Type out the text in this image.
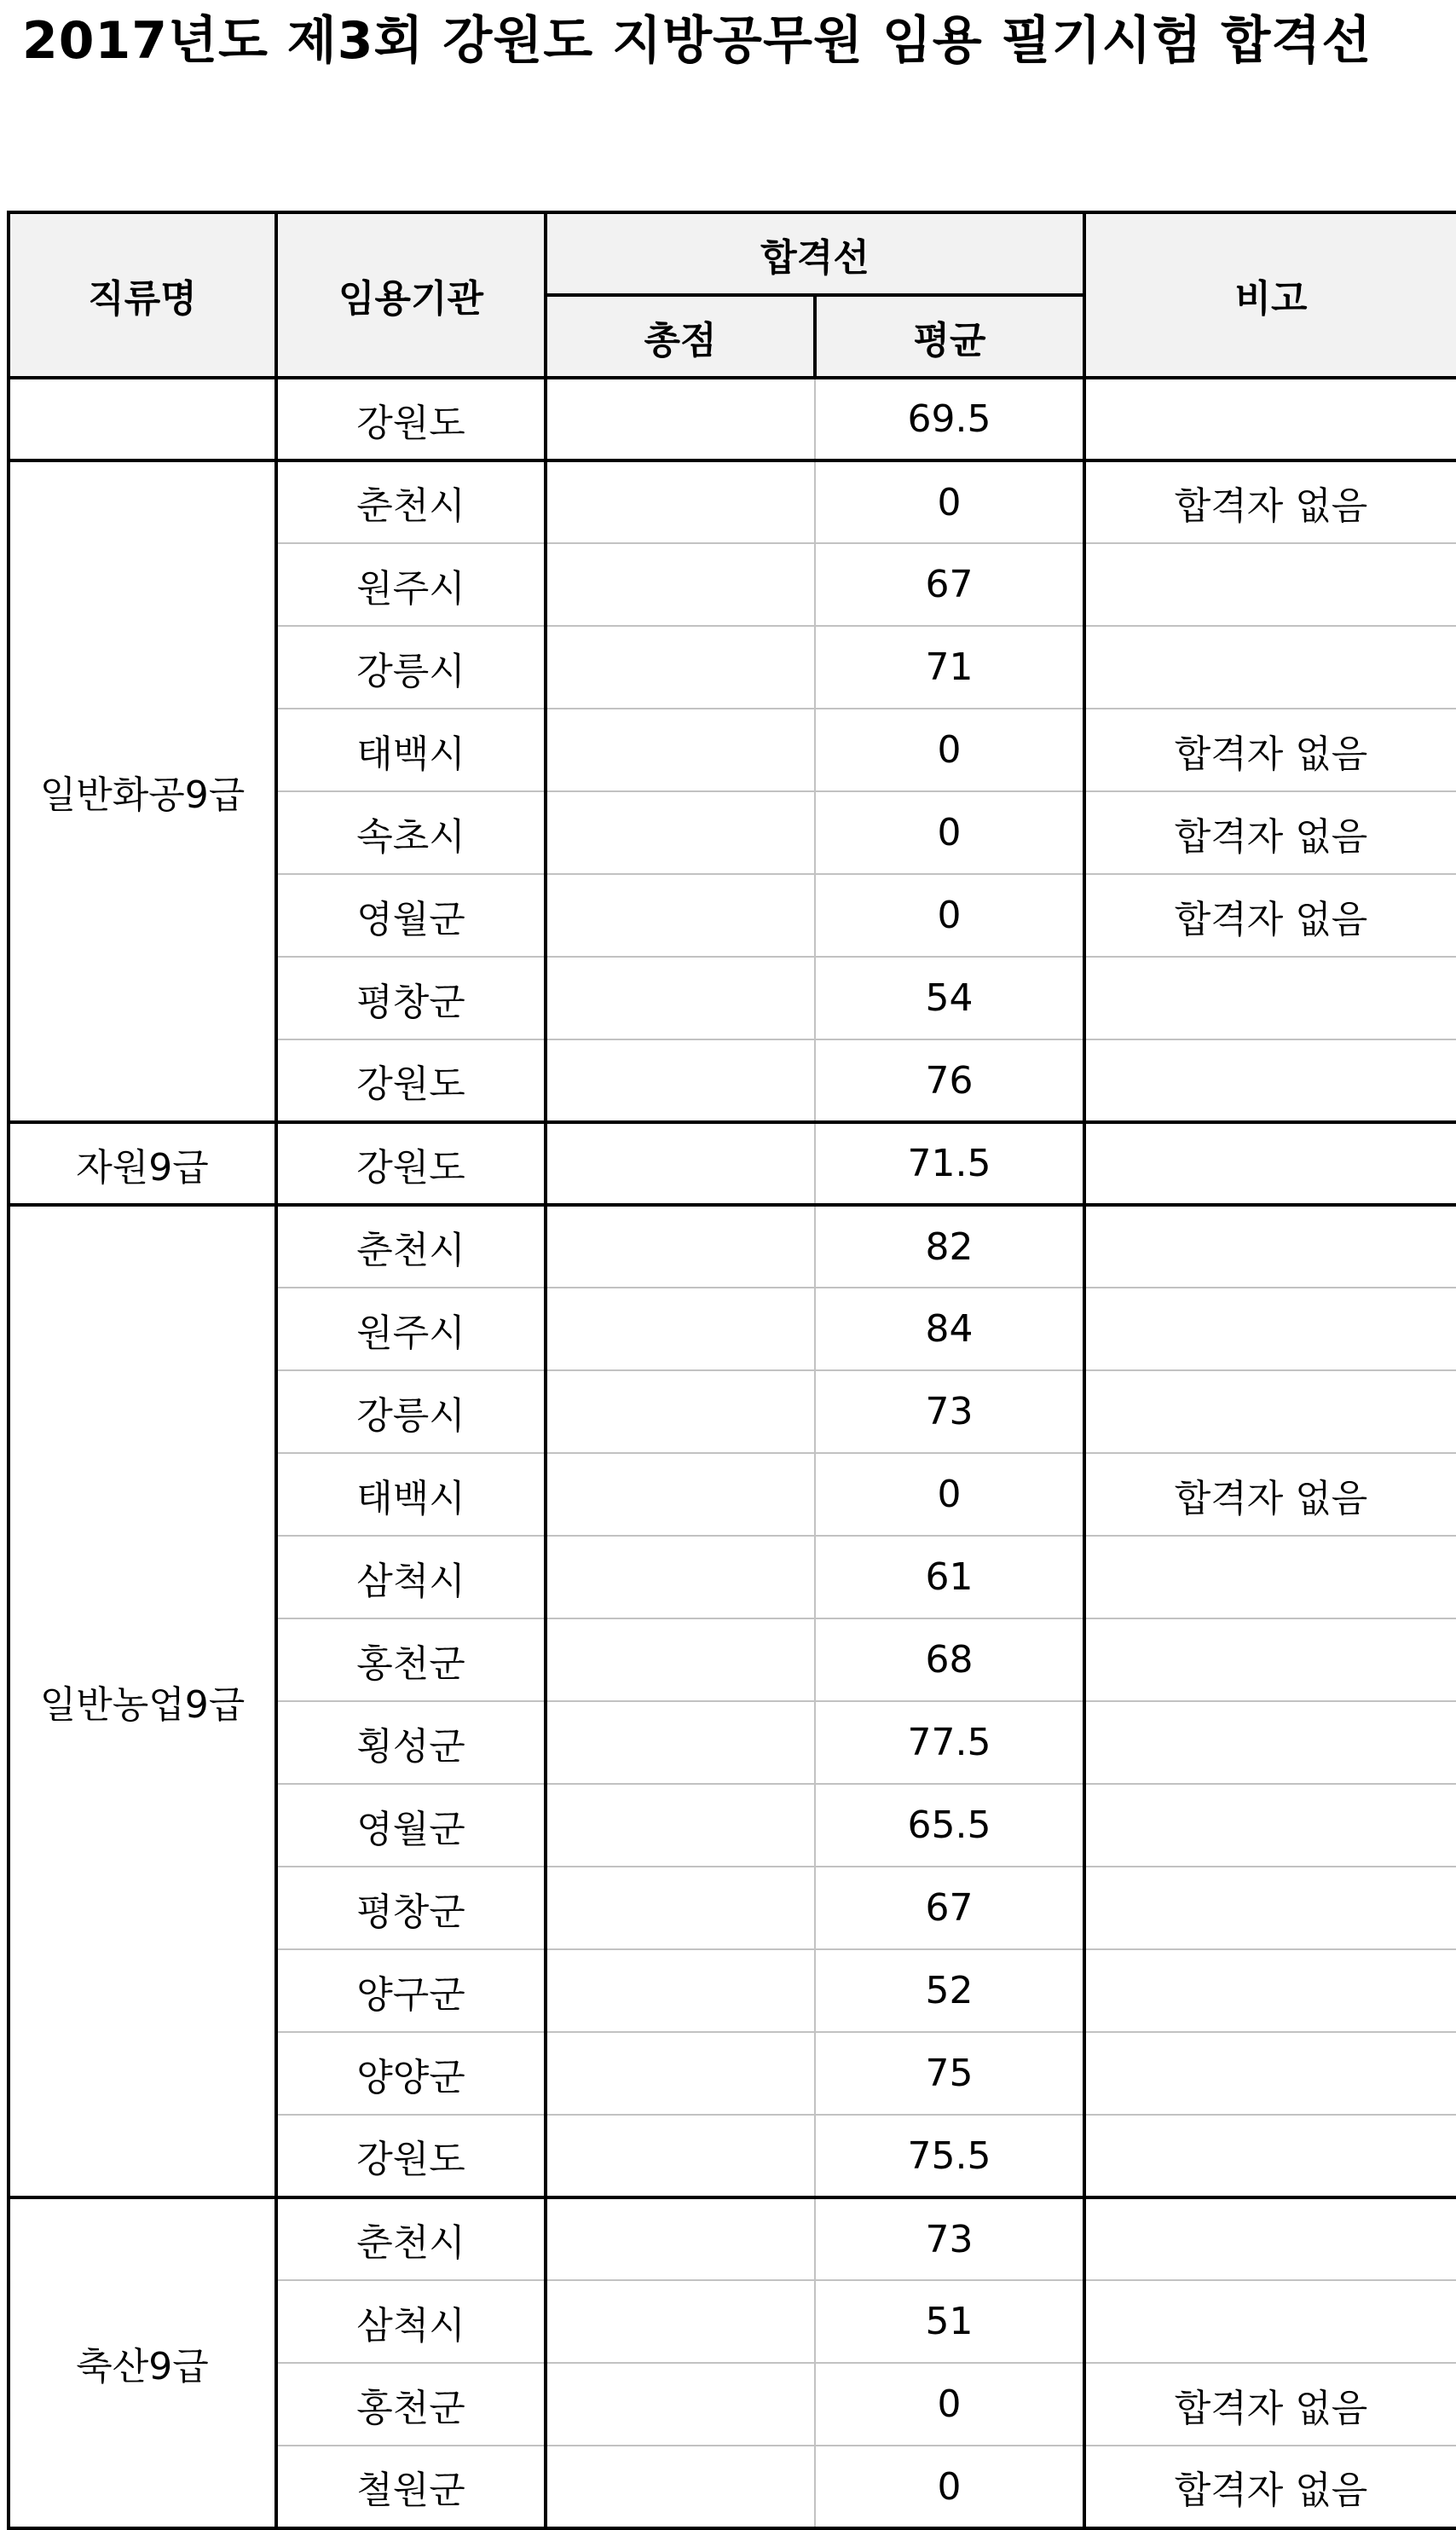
2017년도 제3회 강원도 지방공무원 임용 필기시험 합격선
직류명	임용기관	합격선		비고
		총점	평균	
	강원도		69.5	
일반화공9급	춘천시		0	합격자 없음
	원주시		67	
	강릉시		71	
	태백시		0	합격자 없음
	속초시		0	합격자 없음
	영월군		0	합격자 없음
	평창군		54	
	강원도		76	
자원9급	강원도		71.5	
일반농업9급	춘천시		82	
	원주시		84	
	강릉시		73	
	태백시		0	합격자 없음
	삼척시		61	
	홍천군		68	
	횡성군		77.5	
	영월군		65.5	
	평창군		67	
	양구군		52	
	양양군		75	
	강원도		75.5	
축산9급	춘천시		73	
	삼척시		51	
	홍천군		0	합격자 없음
	철원군		0	합격자 없음
